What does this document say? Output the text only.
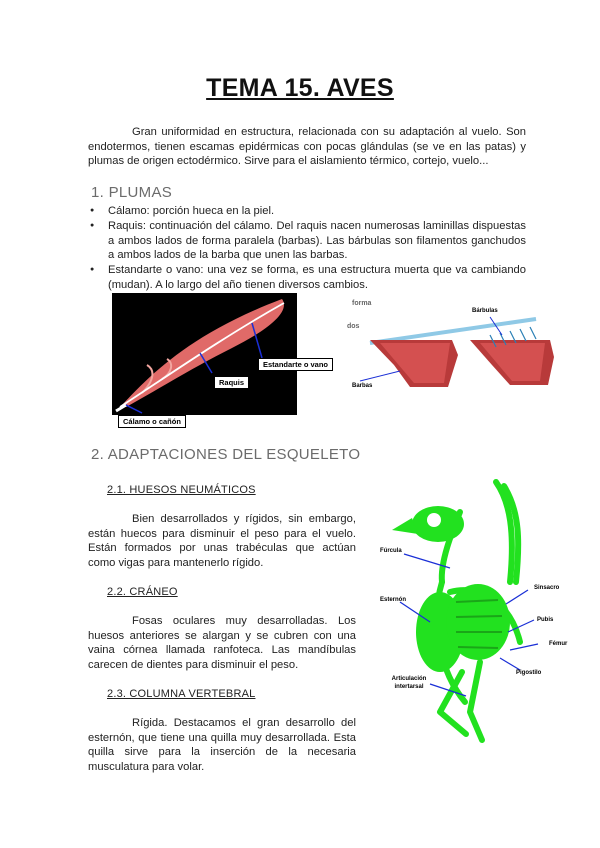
TEMA 15. AVES
Gran uniformidad en estructura, relacionada con su adaptación al vuelo. Son endotermos, tienen escamas epidérmicas con pocas glándulas (se ve en las patas) y plumas de origen ectodérmico. Sirve para el aislamiento térmico, cortejo, vuelo...
1. PLUMAS
● Cálamo: porción hueca en la piel.
● Raquis: continuación del cálamo. Del raquis nacen numerosas laminillas dispuestas a ambos lados de forma paralela (barbas). Las bárbulas son filamentos ganchudos a ambos lados de la barba que unen las barbas.
● Estandarte o vano: una vez se forma, es una estructura muerta que va cambiando (mudan). A lo largo del año tienen diversos cambios.
Estandarte o vano
Raquis
Cálamo o cañón
forma
dos
Bárbulas
Barbas
2. ADAPTACIONES DEL ESQUELETO
2.1. HUESOS NEUMÁTICOS
Bien desarrollados y rígidos, sin embargo, están huecos para disminuir el peso para el vuelo. Están formados por unas trabéculas que actúan como vigas para mantenerlo rígido.
2.2. CRÁNEO
Fosas oculares muy desarrolladas. Los huesos anteriores se alargan y se cubren con una vaina córnea llamada ranfoteca. Las mandíbulas carecen de dientes para disminuir el peso.
2.3. COLUMNA VERTEBRAL
Rígida. Destacamos el gran desarrollo del esternón, que tiene una quilla muy desarrollada. Esta quilla sirve para la inserción de la necesaria musculatura para volar.
Fúrcula
Esternón
Sinsacro
Pubis
Fémur
Pigostilo
Articulación intertarsal
